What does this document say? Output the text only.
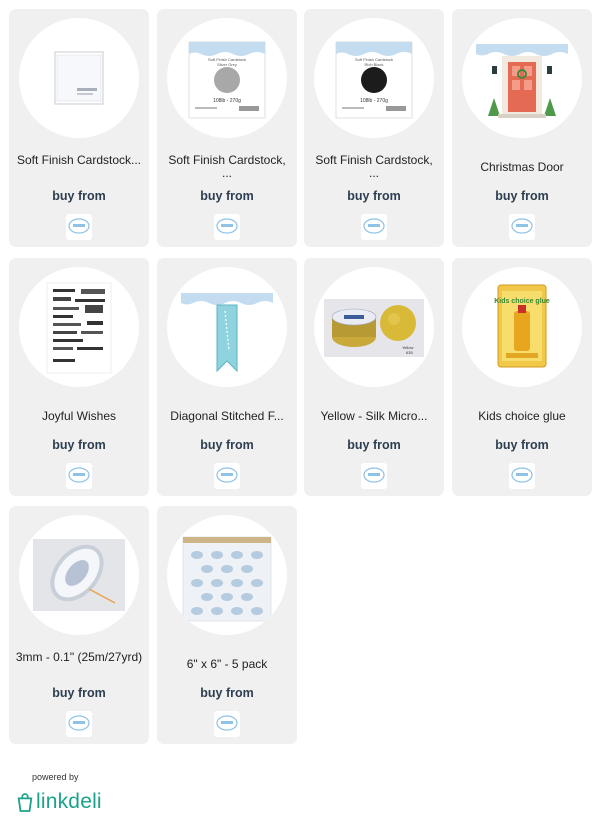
Soft Finish Cardstock...
buy from
Soft Finish Cardstock
Silver Grey
108lb - 270g
Soft Finish Cardstock, ...
buy from
Soft Finish Cardstock
Rich Black
108lb - 270g
Soft Finish Cardstock, ...
buy from
Christmas Door
buy from
Joyful Wishes
buy from
Diagonal Stitched F...
buy from
Yellow
635
Yellow - Silk Micro...
buy from
Kids choice glue
Kids choice glue
buy from
3mm - 0.1" (25m/27yrd)
buy from
6" x 6" - 5 pack
buy from
powered by
linkdeli
